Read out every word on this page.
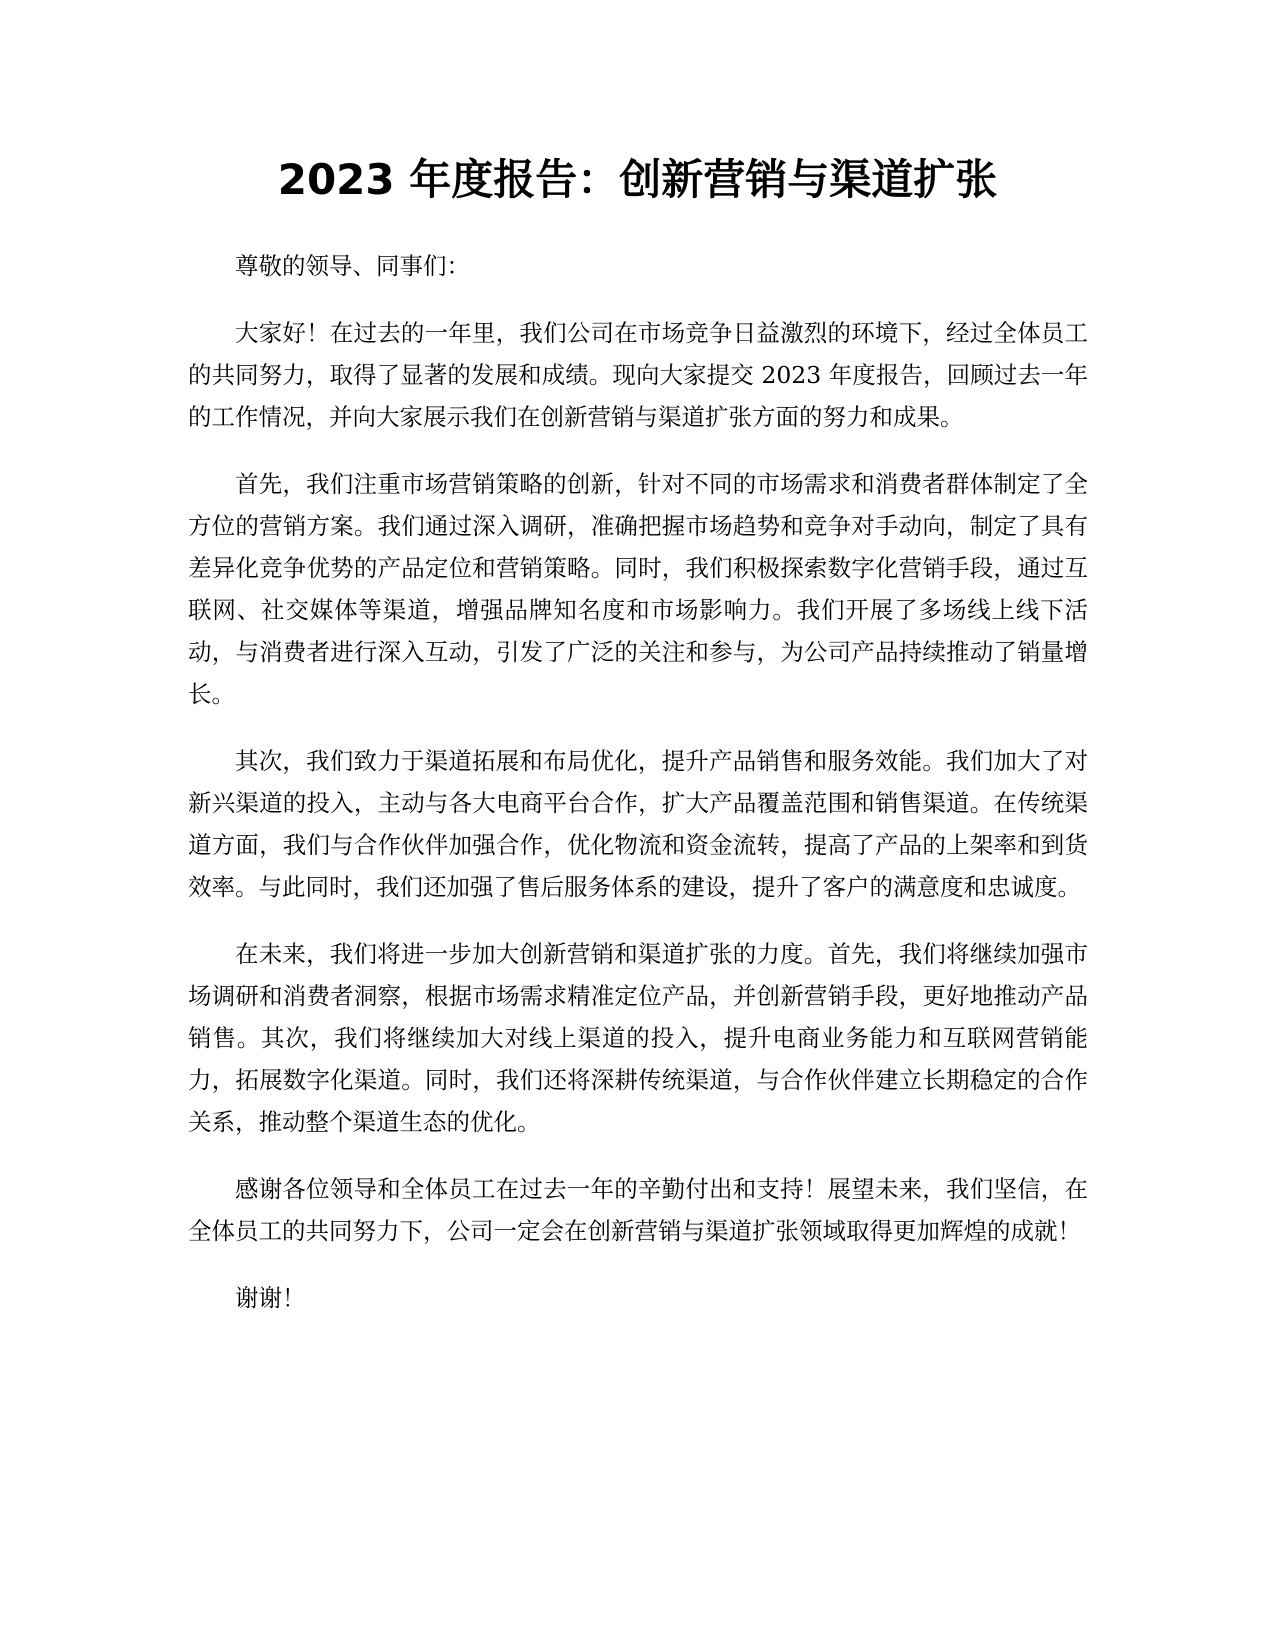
2023 年度报告：创新营销与渠道扩张

尊敬的领导、同事们：

大家好！在过去的一年里，我们公司在市场竞争日益激烈的环境下，经过全体员工的共同努力，取得了显著的发展和成绩。现向大家提交 2023 年度报告，回顾过去一年的工作情况，并向大家展示我们在创新营销与渠道扩张方面的努力和成果。

首先，我们注重市场营销策略的创新，针对不同的市场需求和消费者群体制定了全方位的营销方案。我们通过深入调研，准确把握市场趋势和竞争对手动向，制定了具有差异化竞争优势的产品定位和营销策略。同时，我们积极探索数字化营销手段，通过互联网、社交媒体等渠道，增强品牌知名度和市场影响力。我们开展了多场线上线下活动，与消费者进行深入互动，引发了广泛的关注和参与，为公司产品持续推动了销量增长。

其次，我们致力于渠道拓展和布局优化，提升产品销售和服务效能。我们加大了对新兴渠道的投入，主动与各大电商平台合作，扩大产品覆盖范围和销售渠道。在传统渠道方面，我们与合作伙伴加强合作，优化物流和资金流转，提高了产品的上架率和到货效率。与此同时，我们还加强了售后服务体系的建设，提升了客户的满意度和忠诚度。

在未来，我们将进一步加大创新营销和渠道扩张的力度。首先，我们将继续加强市场调研和消费者洞察，根据市场需求精准定位产品，并创新营销手段，更好地推动产品销售。其次，我们将继续加大对线上渠道的投入，提升电商业务能力和互联网营销能力，拓展数字化渠道。同时，我们还将深耕传统渠道，与合作伙伴建立长期稳定的合作关系，推动整个渠道生态的优化。

感谢各位领导和全体员工在过去一年的辛勤付出和支持！展望未来，我们坚信，在全体员工的共同努力下，公司一定会在创新营销与渠道扩张领域取得更加辉煌的成就！

谢谢！
